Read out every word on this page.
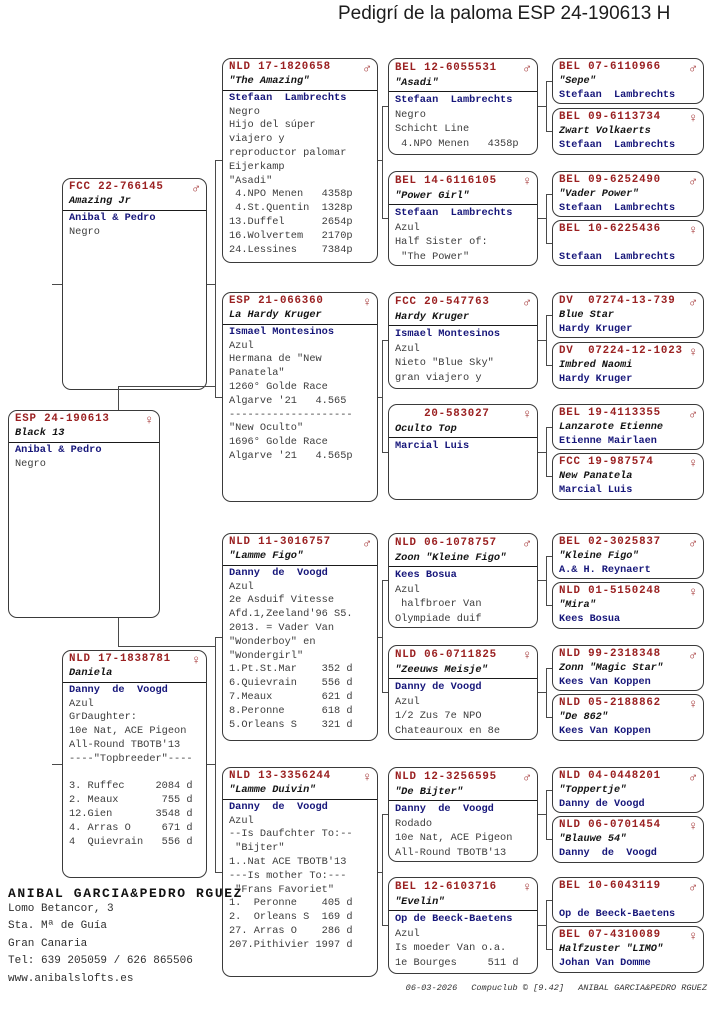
Pedigrí de la paloma ESP 24-190613 H
ESP 24-190613	♀
Black 13
Anibal & Pedro
Negro
FCC 22-766145 ♂
Amazing Jr
Anibal & Pedro
Negro
NLD 17-1838781 ♀
Daniela
Danny  de  Voogd
Azul
GrDaughter:
10e Nat, ACE Pigeon
All-Round TBOTB'13
----"Topbreeder"----

3. Ruffec     2084 d
2. Meaux       755 d
12.Gien       3548 d
4. Arras O     671 d
4  Quievrain   556 d
NLD 17-1820658 ♂
"The Amazing"
Stefaan  Lambrechts
Negro
Hijo del súper
viajero y
reproductor palomar
Eijerkamp
"Asadi"
4.NPO Menen   4358p
4.St.Quentin  1328p
13.Duffel      2654p
16.Wolvertem   2170p
24.Lessines    7384p
ESP 21-066360	♀
La Hardy Kruger
Ismael Montesinos
Azul
Hermana de "New
Panatela"
1260° Golde Race
Algarve '21   4.565
--------------------
"New Oculto"
1696° Golde Race
Algarve '21   4.565p
NLD 11-3016757 ♂
"Lamme Figo"
Danny  de  Voogd
Azul
2e Asduif Vitesse
Afd.1,Zeeland'96 S5.
2013. = Vader Van
"Wonderboy" en
"Wondergirl"
1.Pt.St.Mar    352 d
6.Quievrain    556 d
7.Meaux        621 d
8.Peronne      618 d
5.Orleans S    321 d
NLD 13-3356244 ♀
"Lamme Duivin"
Danny  de  Voogd
Azul
--Is Daufchter To:--
"Bijter"
1..Nat ACE TBOTB'13
---Is mother To:---
"Frans Favoriet"
1.  Peronne    405 d
2.  Orleans S  169 d
27. Arras O    286 d
207.Pithivier 1997 d
BEL 12-6055531 ♂
"Asadi"
Stefaan  Lambrechts
Negro
Schicht Line
4.NPO Menen   4358p
BEL 14-6116105 ♀
"Power Girl"
Stefaan  Lambrechts
Azul
Half Sister of:
"The Power"
FCC 20-547763	♂
Hardy Kruger
Ismael Montesinos
Azul
Nieto "Blue Sky"
gran viajero y
20-583027	♀
Oculto Top
Marcial Luis
NLD 06-1078757 ♂
Zoon "Kleine Figo"
Kees Bosua
Azul
halfbroer Van
Olympiade duif
NLD 06-0711825 ♀
"Zeeuws Meisje"
Danny de Voogd
Azul
1/2 Zus 7e NPO
Chateauroux en 8e
NLD 12-3256595 ♂
"De Bijter"
Danny  de  Voogd
Rodado
10e Nat, ACE Pigeon
All-Round TBOTB'13
BEL 12-6103716 ♀
"Evelin"
Op de Beeck-Baetens
Azul
Is moeder Van o.a.
1e Bourges     511 d
BEL 07-6110966 ♂
"Sepe"
Stefaan  Lambrechts
BEL 09-6113734 ♀
Zwart Volkaerts
Stefaan  Lambrechts
BEL 09-6252490 ♂
"Vader Power"
Stefaan  Lambrechts
BEL 10-6225436 ♀

Stefaan  Lambrechts
DV  07274-13-739 ♂
Blue Star
Hardy Kruger
DV  07224-12-1023 ♀
Imbred Naomi
Hardy Kruger
BEL 19-4113355 ♂
Lanzarote Etienne
Etienne Mairlaen
FCC 19-987574	♀
New Panatela
Marcial Luis
BEL 02-3025837 ♂
"Kleine Figo"
A.& H. Reynaert
NLD 01-5150248 ♀
"Mira"
Kees Bosua
NLD 99-2318348 ♂
Zonn "Magic Star"
Kees Van Koppen
NLD 05-2188862 ♀
"De 862"
Kees Van Koppen
NLD 04-0448201 ♂
"Toppertje"
Danny de Voogd
NLD 06-0701454 ♀
"Blauwe 54"
Danny  de  Voogd
BEL 10-6043119 ♂

Op de Beeck-Baetens
BEL 07-4310089 ♀
Halfzuster "LIMO"
Johan Van Domme
ANIBAL GARCIA&PEDRO RGUEZ
Lomo Betancor, 3
Sta. Mª de Guía
Gran Canaria
Tel: 639 205059 / 626 865506
www.anibalslofts.es
06-03-2026 Compuclub © [9.42] ANIBAL GARCIA&PEDRO RGUEZ
